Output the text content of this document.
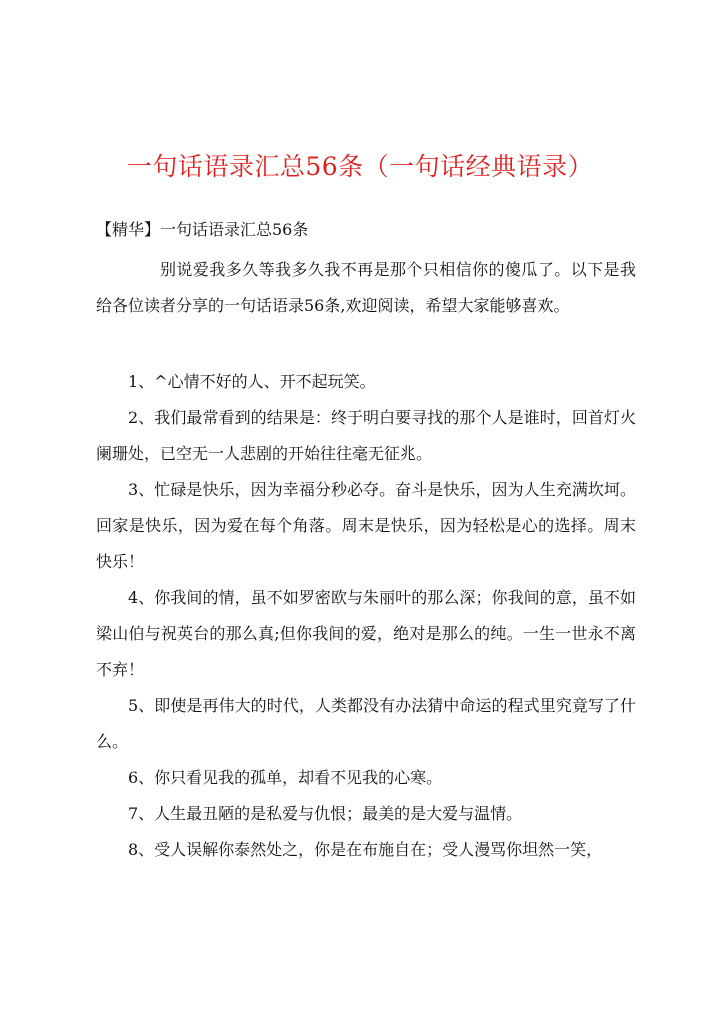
一句话语录汇总56条（一句话经典语录）
【精华】一句话语录汇总56条
别说爱我多久等我多久我不再是那个只相信你的傻瓜了。以下是我给各位读者分享的一句话语录56条,欢迎阅读，希望大家能够喜欢。

1、^心情不好的人、开不起玩笑。

2、我们最常看到的结果是：终于明白要寻找的那个人是谁时，回首灯火阑珊处，已空无一人悲剧的开始往往毫无征兆。

3、忙碌是快乐，因为幸福分秒必夺。奋斗是快乐，因为人生充满坎坷。回家是快乐，因为爱在每个角落。周末是快乐，因为轻松是心的选择。周末快乐！

4、你我间的情，虽不如罗密欧与朱丽叶的那么深；你我间的意，虽不如梁山伯与祝英台的那么真;但你我间的爱，绝对是那么的纯。一生一世永不离不弃！

5、即使是再伟大的时代，人类都没有办法猜中命运的程式里究竟写了什么。

6、你只看见我的孤单，却看不见我的心寒。

7、人生最丑陋的是私爱与仇恨；最美的是大爱与温情。

8、受人误解你泰然处之，你是在布施自在；受人漫骂你坦然一笑，
